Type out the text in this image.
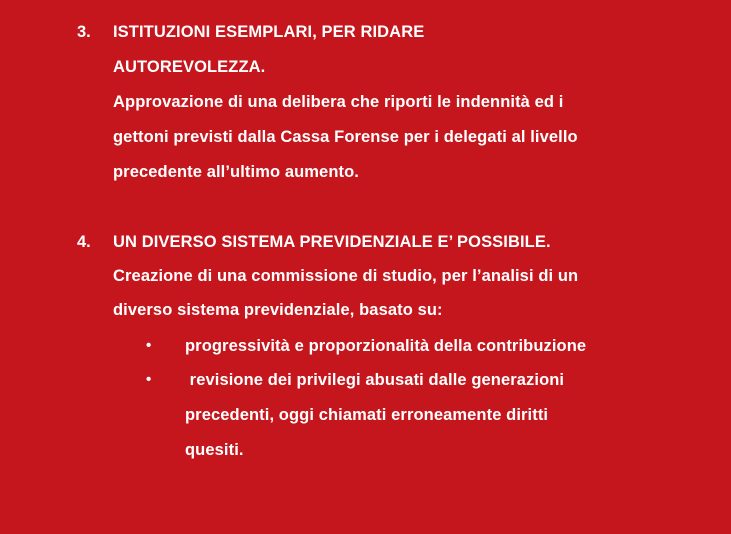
3. ISTITUZIONI ESEMPLARI, PER RIDARE
AUTOREVOLEZZA.
Approvazione di una delibera che riporti le indennità ed i
gettoni previsti dalla Cassa Forense per i delegati al livello
precedente all’ultimo aumento.
4. UN DIVERSO SISTEMA PREVIDENZIALE E’ POSSIBILE.
Creazione di una commissione di studio, per l’analisi di un
diverso sistema previdenziale, basato su:
• progressività e proporzionalità della contribuzione
• revisione dei privilegi abusati dalle generazioni
precedenti, oggi chiamati erroneamente diritti
quesiti.
